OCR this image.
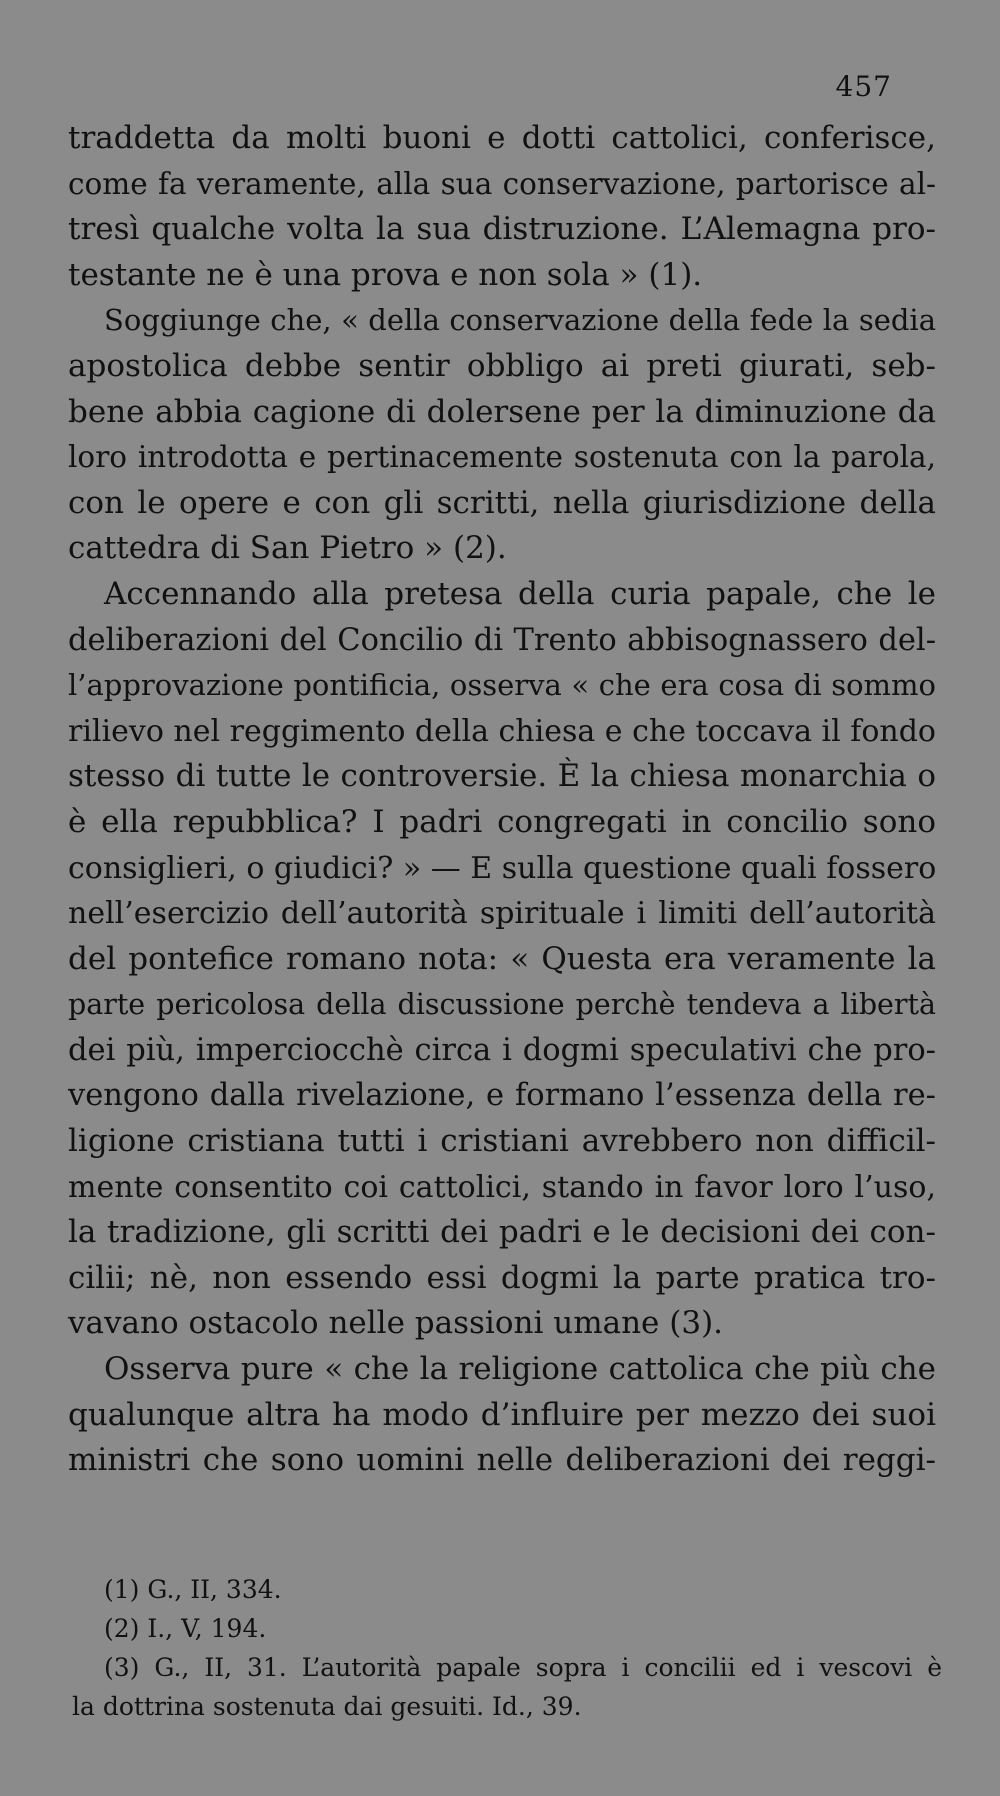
457
traddetta da molti buoni e dotti cattolici, conferisce,
come fa veramente, alla sua conservazione, partorisce al-
tresì qualche volta la sua distruzione. L’Alemagna pro-
testante ne è una prova e non sola » (1).
Soggiunge che, « della conservazione della fede la sedia
apostolica debbe sentir obbligo ai preti giurati, seb-
bene abbia cagione di dolersene per la diminuzione da
loro introdotta e pertinacemente sostenuta con la parola,
con le opere e con gli scritti, nella giurisdizione della
cattedra di San Pietro » (2).
Accennando alla pretesa della curia papale, che le
deliberazioni del Concilio di Trento abbisognassero del-
l’approvazione pontificia, osserva « che era cosa di sommo
rilievo nel reggimento della chiesa e che toccava il fondo
stesso di tutte le controversie. È la chiesa monarchia o
è ella repubblica? I padri congregati in concilio sono
consiglieri, o giudici? » — E sulla questione quali fossero
nell’esercizio dell’autorità spirituale i limiti dell’autorità
del pontefice romano nota: « Questa era veramente la
parte pericolosa della discussione perchè tendeva a libertà
dei più, imperciocchè circa i dogmi speculativi che pro-
vengono dalla rivelazione, e formano l’essenza della re-
ligione cristiana tutti i cristiani avrebbero non difficil-
mente consentito coi cattolici, stando in favor loro l’uso,
la tradizione, gli scritti dei padri e le decisioni dei con-
cilii; nè, non essendo essi dogmi la parte pratica tro-
vavano ostacolo nelle passioni umane (3).
Osserva pure « che la religione cattolica che più che
qualunque altra ha modo d’influire per mezzo dei suoi
ministri che sono uomini nelle deliberazioni dei reggi-
(1) G., II, 334.
(2) I., V, 194.
(3) G., II, 31. L’autorità papale sopra i concilii ed i vescovi è
la dottrina sostenuta dai gesuiti. Id., 39.
